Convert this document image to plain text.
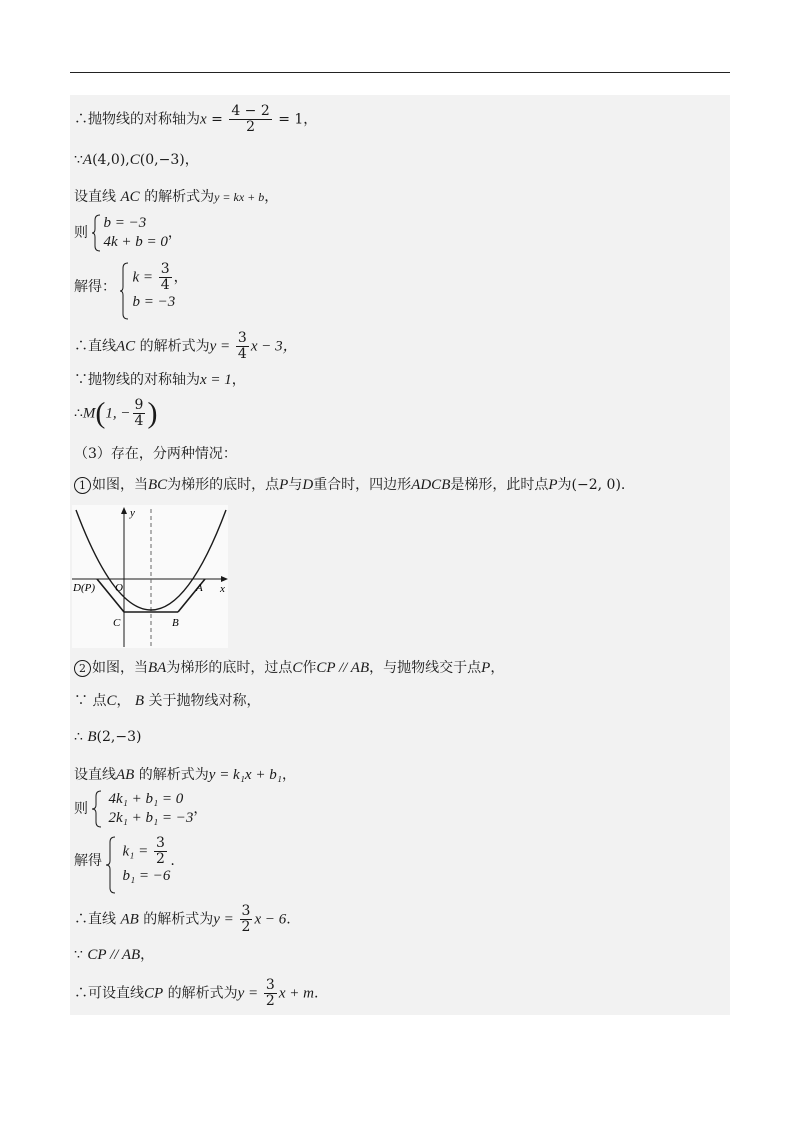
∴抛物线的对称轴为$x = \frac{4 - 2}{2} = 1$，
∵A(4,0),C(0,−3)，
设直线 AC 的解析式为y = kx + b，
则
b = −3
4k + b = 0
，
解得：
$k = \frac{3}{4}$ ，
b = −3
∴直线AC 的解析式为$y = \frac{3}{4}$ x − 3，
∵抛物线的对称轴为x = 1，
∴M(1, − $\frac{9}{4}$ )
（3）存在，分两种情况：
1 如图，当BC为梯形的底时，点P与D重合时，四边形ADCB是梯形，此时点P为(−2, 0).
y
x
D(P) O	A
C	B
2 如图，当BA为梯形的底时，过点C作CP // AB，与抛物线交于点P，
∵ 点C， B 关于抛物线对称，
∴ B(2,−3)
设直线AB 的解析式为y = k₁x + b₁，
则
4k₁ + b₁ = 0
2k₁ + b₁ = −3
，
解得
$k_1 = \frac{3}{2}$
b₁ = −6
.
∴直线 AB 的解析式为$y = \frac{3}{2}$ x − 6.
∵ CP // AB，
∴可设直线CP 的解析式为$y = \frac{3}{2}$ x + m.
